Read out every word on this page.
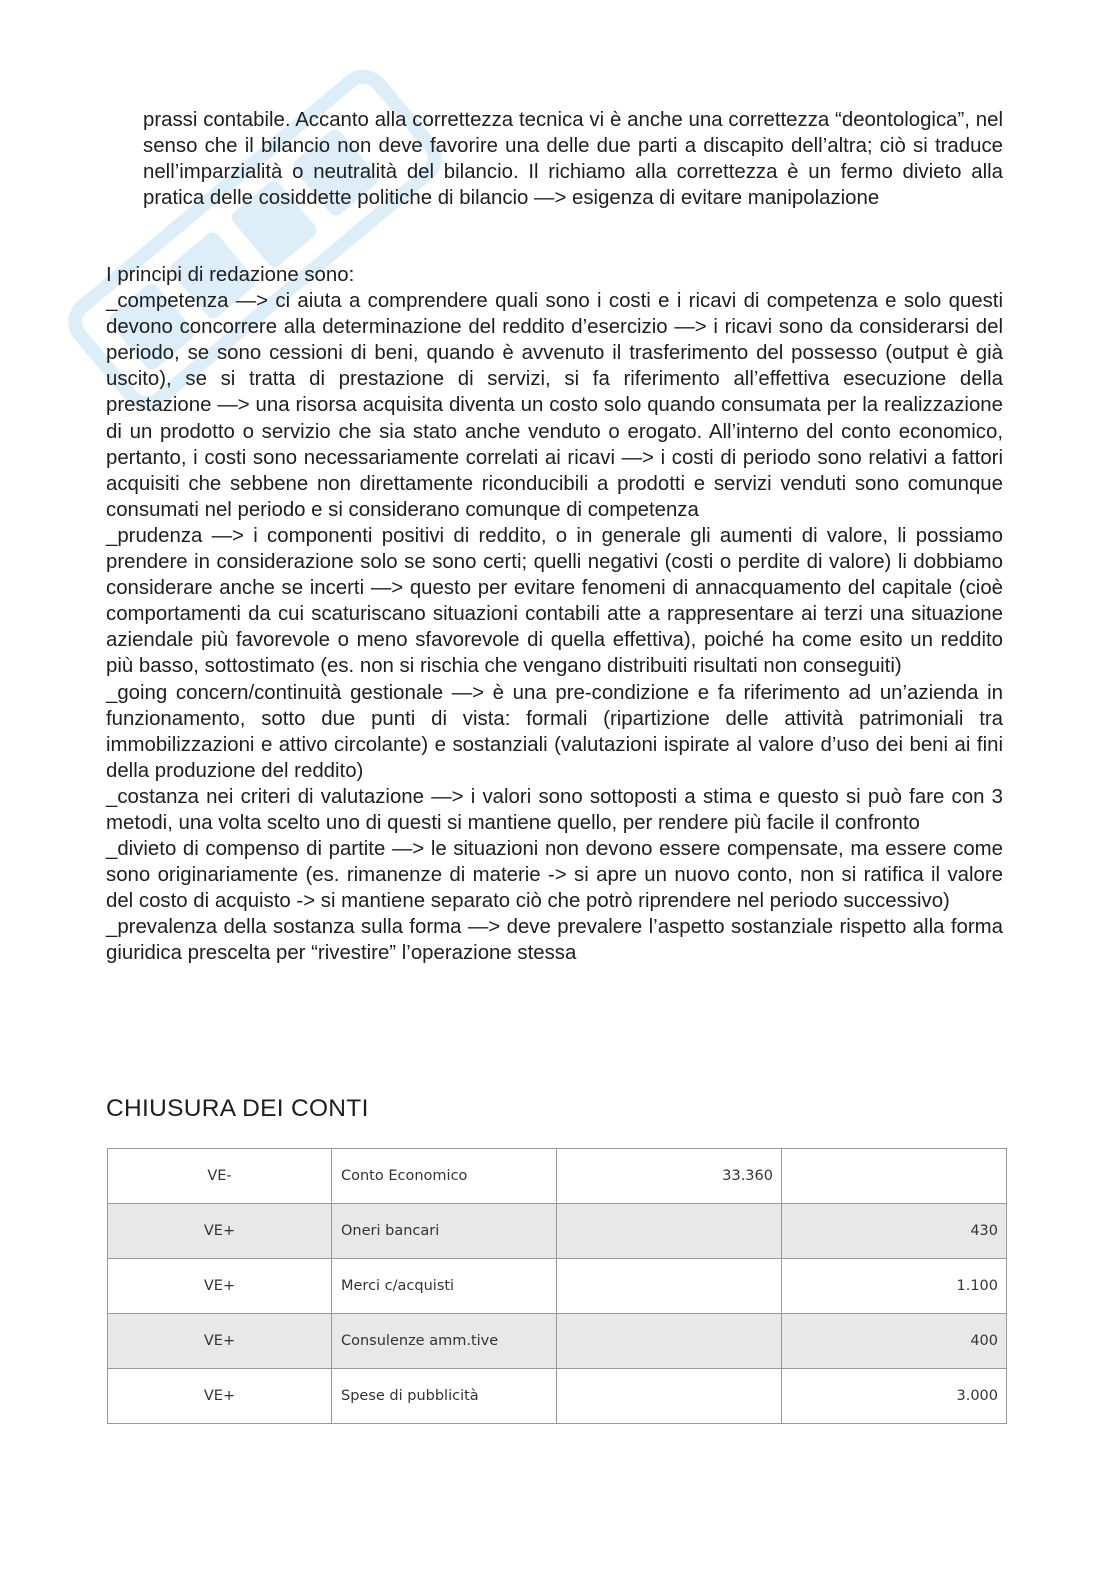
prassi contabile. Accanto alla correttezza tecnica vi è anche una correttezza “deontologica”, nel senso che il bilancio non deve favorire una delle due parti a discapito dell’altra; ciò si traduce nell’imparzialità o neutralità del bilancio. Il richiamo alla correttezza è un fermo divieto alla pratica delle cosiddette politiche di bilancio —> esigenza di evitare manipolazione

I principi di redazione sono:

_competenza —> ci aiuta a comprendere quali sono i costi e i ricavi di competenza e solo questi devono concorrere alla determinazione del reddito d’esercizio —> i ricavi sono da considerarsi del periodo, se sono cessioni di beni, quando è avvenuto il trasferimento del possesso (output è già uscito), se si tratta di prestazione di servizi, si fa riferimento all’effettiva esecuzione della prestazione —> una risorsa acquisita diventa un costo solo quando consumata per la realizzazione di un prodotto o servizio che sia stato anche venduto o erogato. All’interno del conto economico, pertanto, i costi sono necessariamente correlati ai ricavi —> i costi di periodo sono relativi a fattori acquisiti che sebbene non direttamente riconducibili a prodotti e servizi venduti sono comunque consumati nel periodo e si considerano comunque di competenza

_prudenza —> i componenti positivi di reddito, o in generale gli aumenti di valore, li possiamo prendere in considerazione solo se sono certi; quelli negativi (costi o perdite di valore) li dobbiamo considerare anche se incerti —> questo per evitare fenomeni di annacquamento del capitale (cioè comportamenti da cui scaturiscano situazioni contabili atte a rappresentare ai terzi una situazione aziendale più favorevole o meno sfavorevole di quella effettiva), poiché ha come esito un reddito più basso, sottostimato (es. non si rischia che vengano distribuiti risultati non conseguiti)

_going concern/continuità gestionale —> è una pre-condizione e fa riferimento ad un’azienda in funzionamento, sotto due punti di vista: formali (ripartizione delle attività patrimoniali tra immobilizzazioni e attivo circolante) e sostanziali (valutazioni ispirate al valore d’uso dei beni ai fini della produzione del reddito)

_costanza nei criteri di valutazione —> i valori sono sottoposti a stima e questo si può fare con 3 metodi, una volta scelto uno di questi si mantiene quello, per rendere più facile il confronto

_divieto di compenso di partite —> le situazioni non devono essere compensate, ma essere come sono originariamente (es. rimanenze di materie -> si apre un nuovo conto, non si ratifica il valore del costo di acquisto -> si mantiene separato ciò che potrò riprendere nel periodo successivo)

_prevalenza della sostanza sulla forma —> deve prevalere l’aspetto sostanziale rispetto alla forma giuridica prescelta per “rivestire” l’operazione stessa

CHIUSURA DEI CONTI
VE-	Conto Economico	33.360	
VE+	Oneri bancari		430
VE+	Merci c/acquisti		1.100
VE+	Consulenze amm.tive		400
VE+	Spese di pubblicità		3.000
